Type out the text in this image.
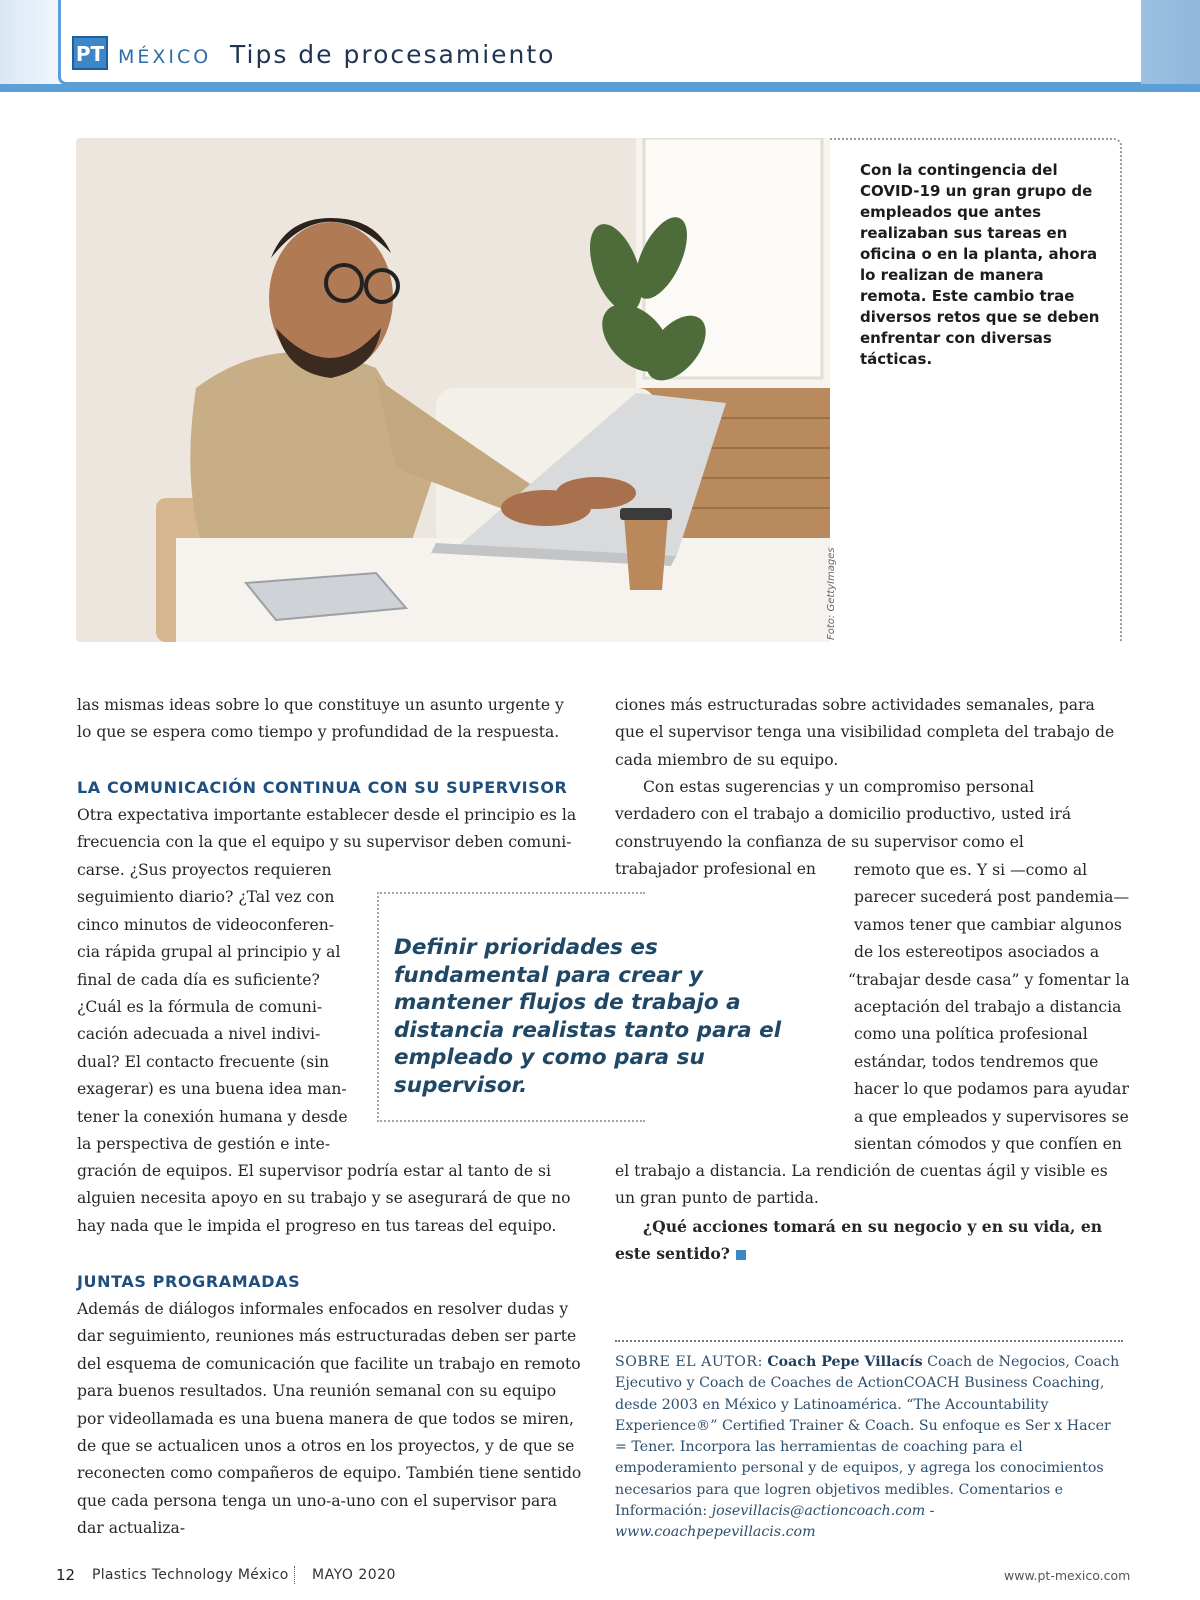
PT MÉXICO Tips de procesamiento
Foto: GettyImages
Con la contingencia del COVID-19 un gran grupo de empleados que antes realizaban sus tareas en oficina o en la planta, ahora lo realizan de manera remota. Este cambio trae diversos retos que se deben enfrentar con diversas tácticas.

las mismas ideas sobre lo que constituye un asunto urgente y lo que se espera como tiempo y profundidad de la respuesta.

LA COMUNICACIÓN CONTINUA CON SU SUPERVISOR

Otra expectativa importante establecer desde el principio es la frecuencia con la que el equipo y su supervisor deben comuni-

carse. ¿Sus proyectos requieren
seguimiento diario? ¿Tal vez con
cinco minutos de videoconferen-
cia rápida grupal al principio y al
final de cada día es suficiente?
¿Cuál es la fórmula de comuni-
cación adecuada a nivel indivi-
dual? El contacto frecuente (sin
exagerar) es una buena idea man-
tener la conexión humana y desde
la perspectiva de gestión e inte-

gración de equipos. El supervisor podría estar al tanto de si alguien necesita apoyo en su trabajo y se asegurará de que no hay nada que le impida el progreso en tus tareas del equipo.

JUNTAS PROGRAMADAS

Además de diálogos informales enfocados en resolver dudas y dar seguimiento, reuniones más estructuradas deben ser parte del esquema de comunicación que facilite un trabajo en remoto para buenos resultados. Una reunión semanal con su equipo por videollamada es una buena manera de que todos se miren, de que se actualicen unos a otros en los proyectos, y de que se reconecten como compañeros de equipo. También tiene sentido que cada persona tenga un uno-a-uno con el supervisor para dar actualiza-

Definir prioridades es fundamental para crear y mantener flujos de trabajo a distancia realistas tanto para el empleado y como para su supervisor.

ciones más estructuradas sobre actividades semanales, para que el supervisor tenga una visibilidad completa del trabajo de cada miembro de su equipo.

Con estas sugerencias y un compromiso personal verdadero con el trabajo a domicilio productivo, usted irá construyendo la confianza de su supervisor como el trabajador profesional en	remoto que es. Y si —como al
parecer sucederá post pandemia—
vamos tener que cambiar algunos
de los estereotipos asociados a
“trabajar desde casa” y fomentar la
aceptación del trabajo a distancia
como una política profesional
estándar, todos tendremos que
hacer lo que podamos para ayudar
a que empleados y supervisores se
sientan cómodos y que confíen en

el trabajo a distancia. La rendición de cuentas ágil y visible es un gran punto de partida.

¿Qué acciones tomará en su negocio y en su vida, en este sentido?

SOBRE EL AUTOR: Coach Pepe Villacís Coach de Negocios, Coach Ejecutivo y Coach de Coaches de ActionCOACH Business Coaching, desde 2003 en México y Latinoamérica. “The Accountability Experience®” Certified Trainer & Coach. Su enfoque es Ser x Hacer = Tener. Incorpora las herramientas de coaching para el empoderamiento personal y de equipos, y agrega los conocimientos necesarios para que logren objetivos medibles. Comentarios e Información: josevillacis@actioncoach.com - www.coachpepevillacis.com
12 Plastics Technology México MAYO 2020	www.pt-mexico.com
